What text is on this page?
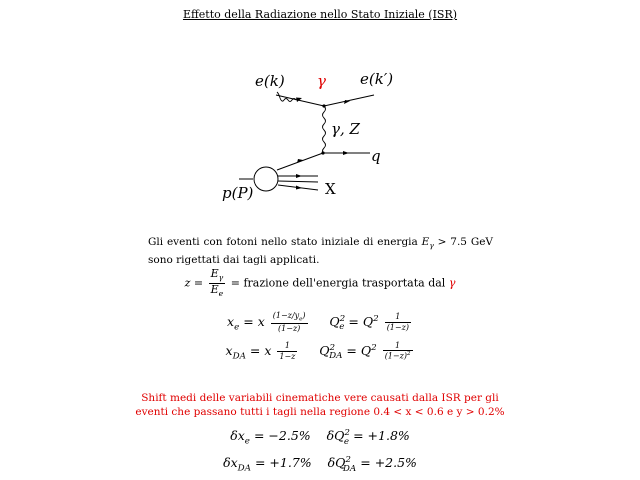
Effetto della Radiazione nello Stato Iniziale (ISR)
e(k) γ e(k′)
γ, Z
q
p(P)	X
Gli eventi con fotoni nello stato iniziale di energia $E_\gamma > 7.5$ GeV sono rigettati dai tagli applicati.
$z = \frac{E_\gamma}{E_e}$ = frazione dell'energia trasportata dal γ
$x_e = x \frac{(1-z/y_e)}{(1-z)} Q^2_e = Q^2 \frac{1}{(1-z)}$
$x_{DA} = x \frac{1}{1-z} Q^2_{DA} = Q^2 \frac{1}{(1-z)^2}$
Shift medi delle variabili cinematiche vere causati dalla ISR per gli
eventi che passano tutti i tagli nella regione 0.4 < x < 0.6 e y > 0.2%
$\delta x_e = -2.5\%$ $\delta Q^2_e = +1.8\%$
$\delta x_{DA} = +1.7\%$ $\delta Q^2_{DA} = +2.5\%$
